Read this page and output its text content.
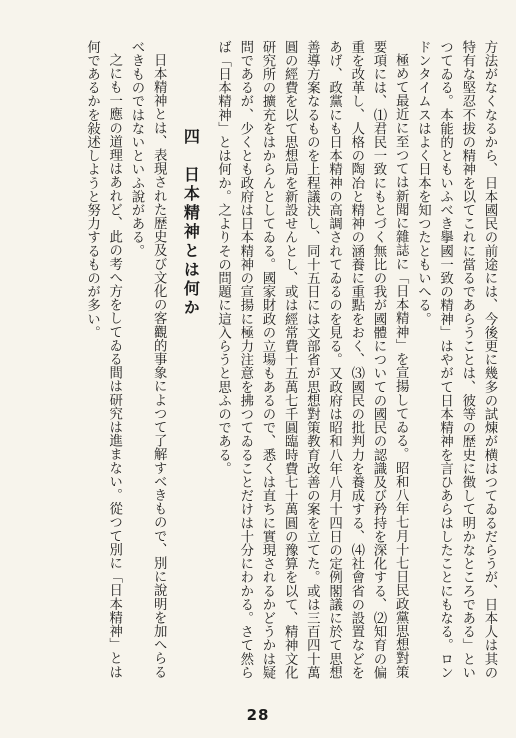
方法がなくなるから、日本國民の前途には、今後更に幾多の試煉が横はつてゐるだらうが、日本人は其の特有な堅忍不拔の精神を以てこれに當るであらうことは、彼等の歴史に徴して明かなところである」といつてゐる。本能的ともいふべき擧國一致の精神」はやがて日本精神を言ひあらはしたことにもなる。ロンドンタイムスはよく日本を知つたともいへる。

極めて最近に至つては新聞に雜誌に「日本精神」を宣揚してゐる。昭和八年七月十七日民政黨思想對策要項には、⑴君民一致にもとづく無比の我が國體についての國民の認識及び矜持を深化する、⑵知育の偏重を改革し、人格の陶冶と精神の涵養に重點をおく、⑶國民の批判力を養成する、⑷社會省の設置などをあげ、政黨にも日本精神の高調されてゐるのを見る。又政府は昭和八年八月十四日の定例閣議に於て思想善導方案なるものを上程議決し、同十五日には文部省が思想對策教育改善の案を立てた。或は三百四十萬圓の經費を以て思想局を新設せんとし、或は經常費十五萬七千圓臨時費七十萬圓の豫算を以て、精神文化研究所の擴充をはからんとしてゐる。國家財政の立場もあるので、悉くは直ちに實現されるかどうかは疑問であるが、少くとも政府は日本精神の宣揚に極力注意を拂つてゐることだけは十分にわかる。さて然らば「日本精神」とは何か。之よりその問題に這入らうと思ふのである。

四　日本精神とは何か

日本精神とは、表現された歴史及び文化の客觀的事象によつて了解すべきもので、別に說明を加へらるべきものではないといふ說がある。

之にも一應の道理はあれど、此の考へ方をしてゐる間は研究は進まない。從つて別に「日本精神」とは何であるかを敍述しようと努力するものが多い。

28
